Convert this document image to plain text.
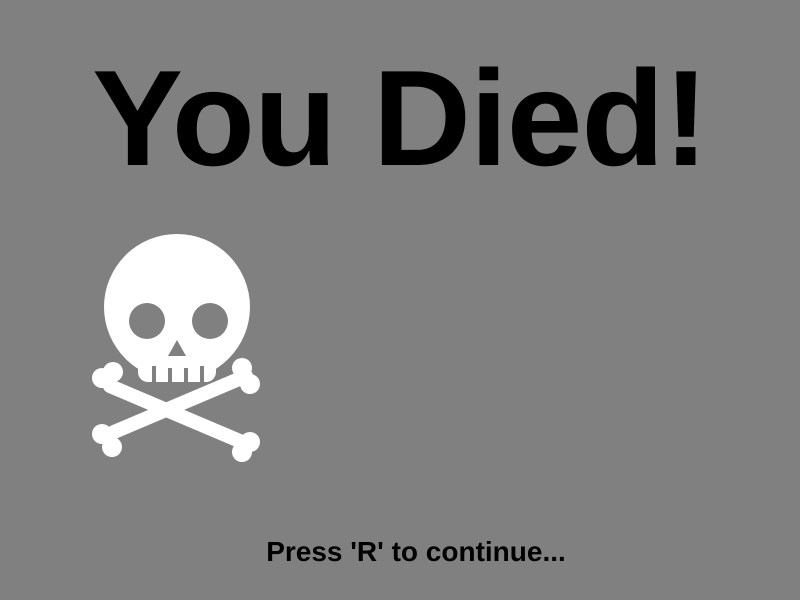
You Died!
Press 'R' to continue...
